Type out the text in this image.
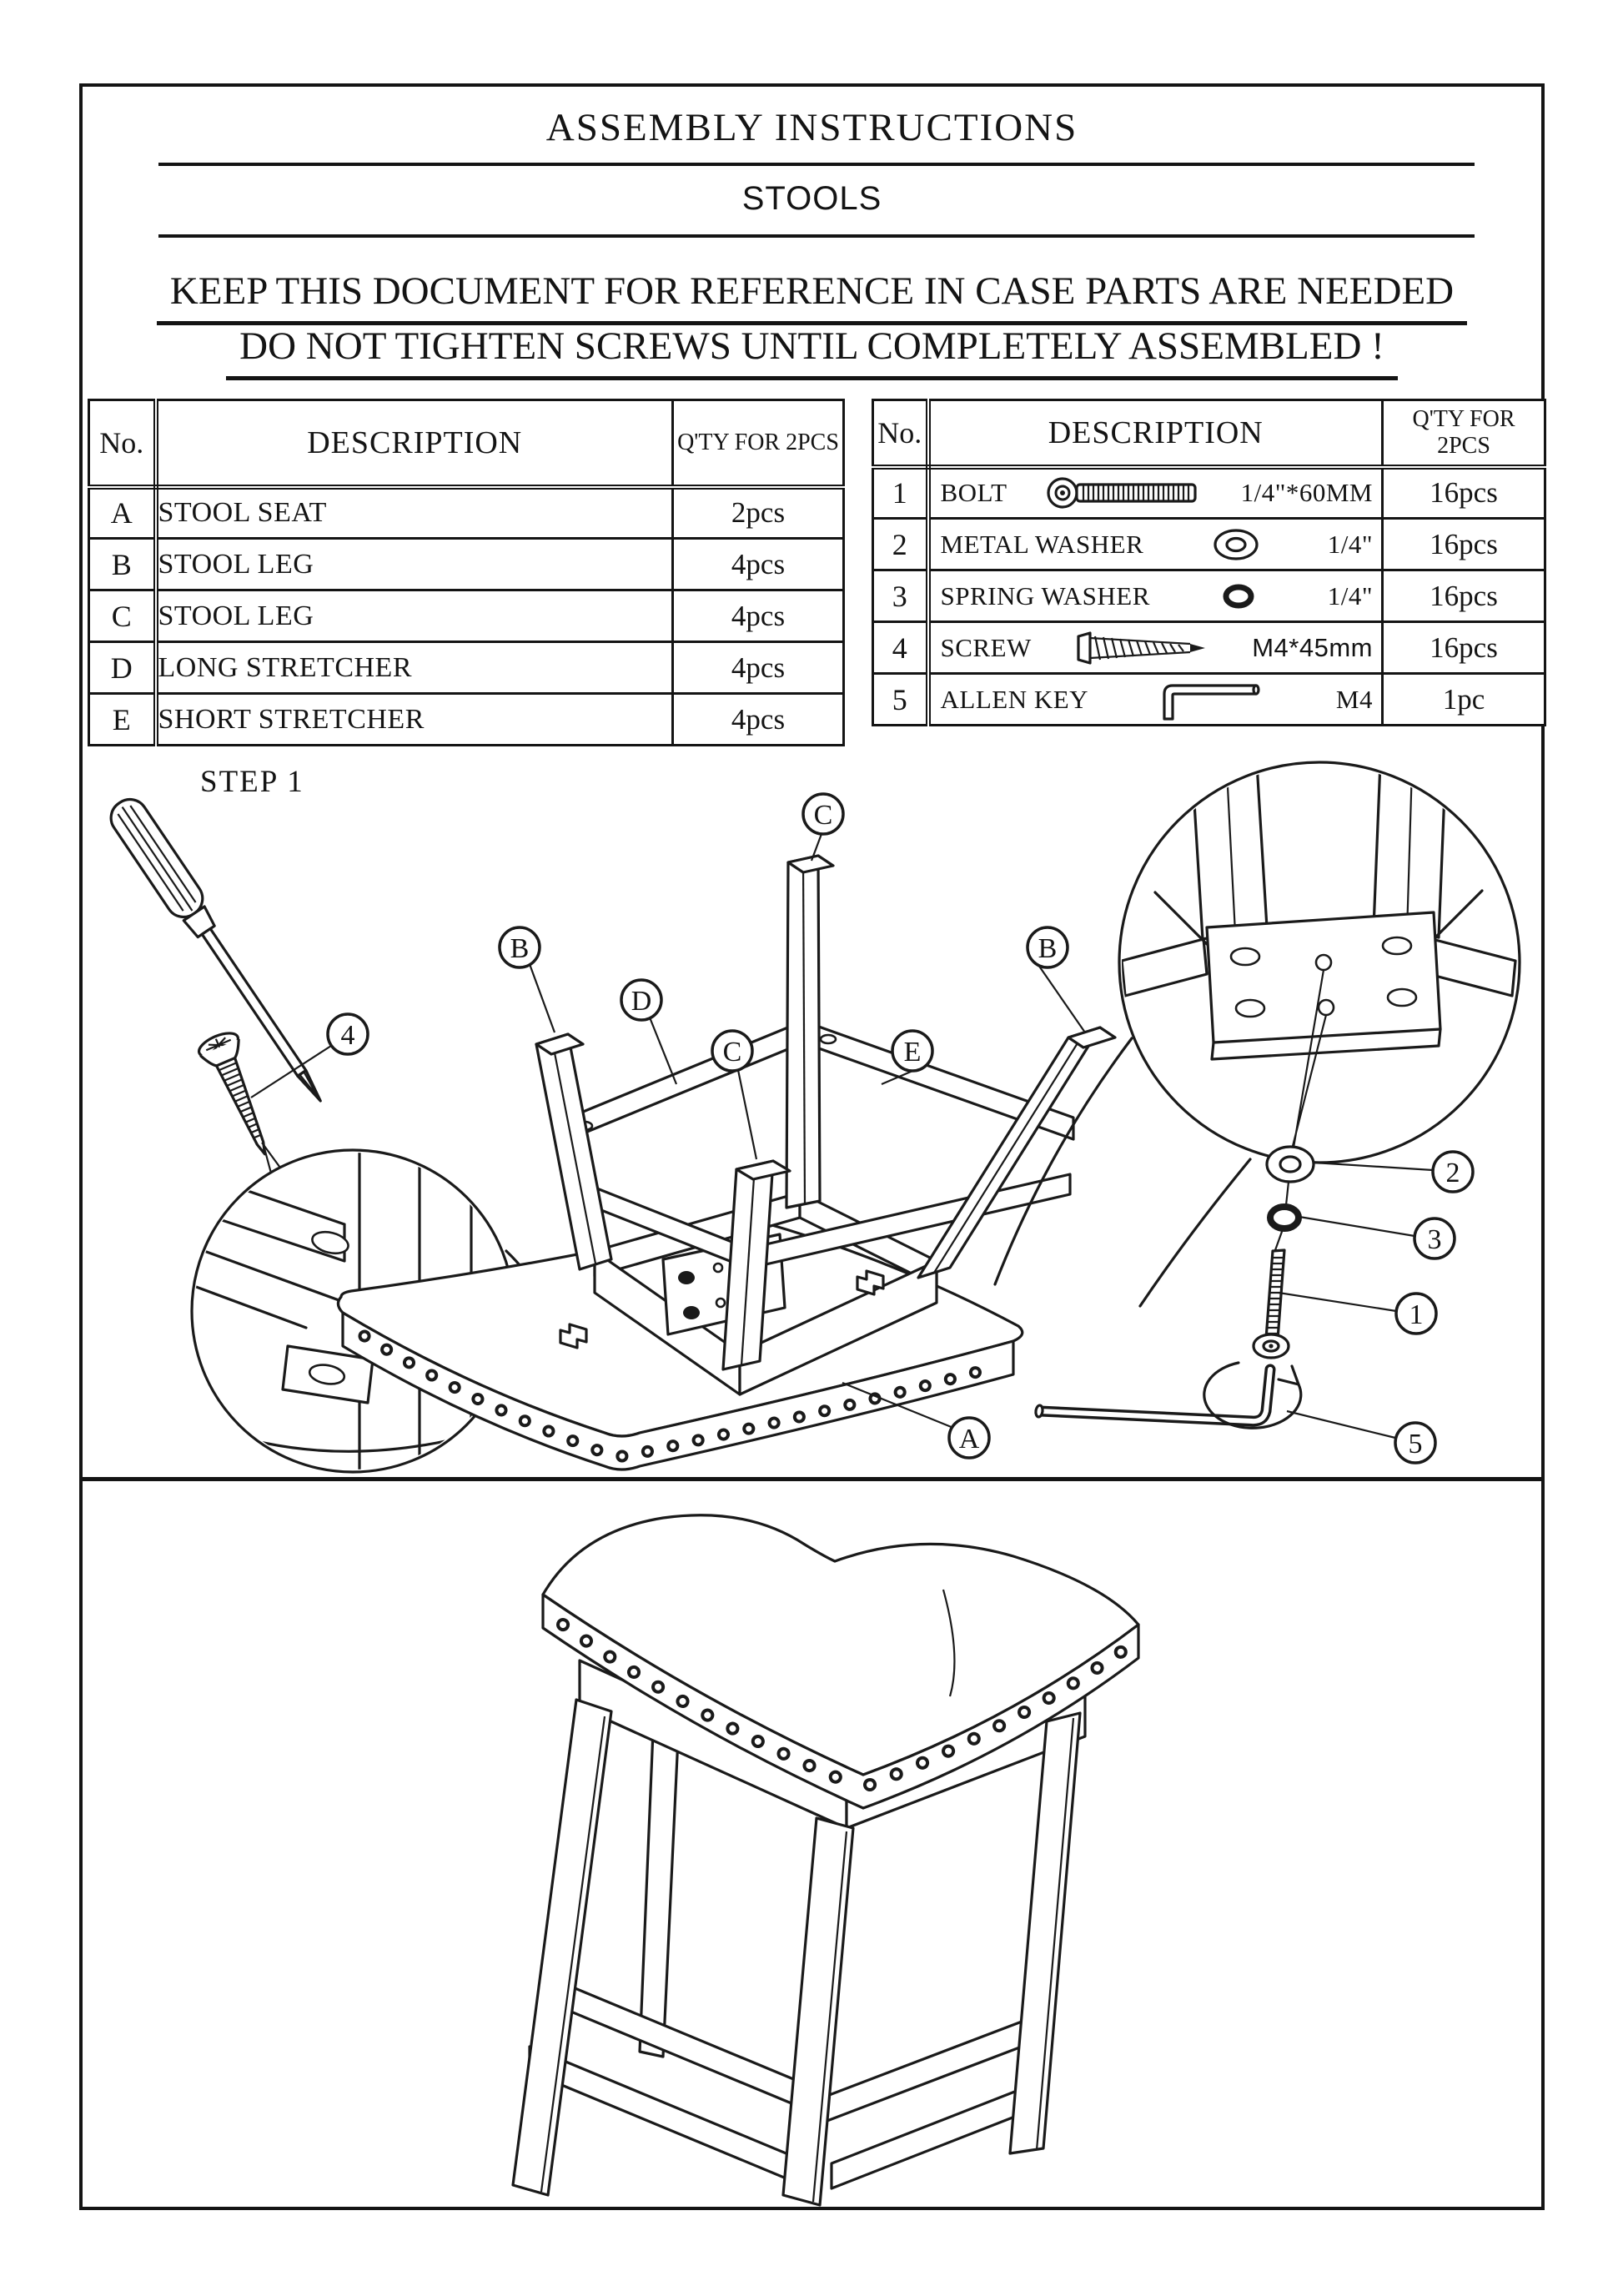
ASSEMBLY INSTRUCTIONS
STOOLS
KEEP THIS DOCUMENT FOR REFERENCE IN CASE PARTS ARE NEEDED
DO NOT TIGHTEN SCREWS UNTIL COMPLETELY ASSEMBLED !
No.	DESCRIPTION	Q'TY FOR 2PCS
A	STOOL SEAT	2pcs
B	STOOL LEG	4pcs
C	STOOL LEG	4pcs
D	LONG STRETCHER	4pcs
E	SHORT STRETCHER	4pcs
No.	DESCRIPTION	Q'TY FOR 2PCS
1	BOLT 1/4"*60MM	16pcs
2	METAL WASHER 1/4"	16pcs
3	SPRING WASHER 1/4"	16pcs
4	SCREW M4*45mm	16pcs
5	ALLEN KEY M4	1pc
STEP 1
4
B
D
C
C
E
B
A
2
3
1
5
